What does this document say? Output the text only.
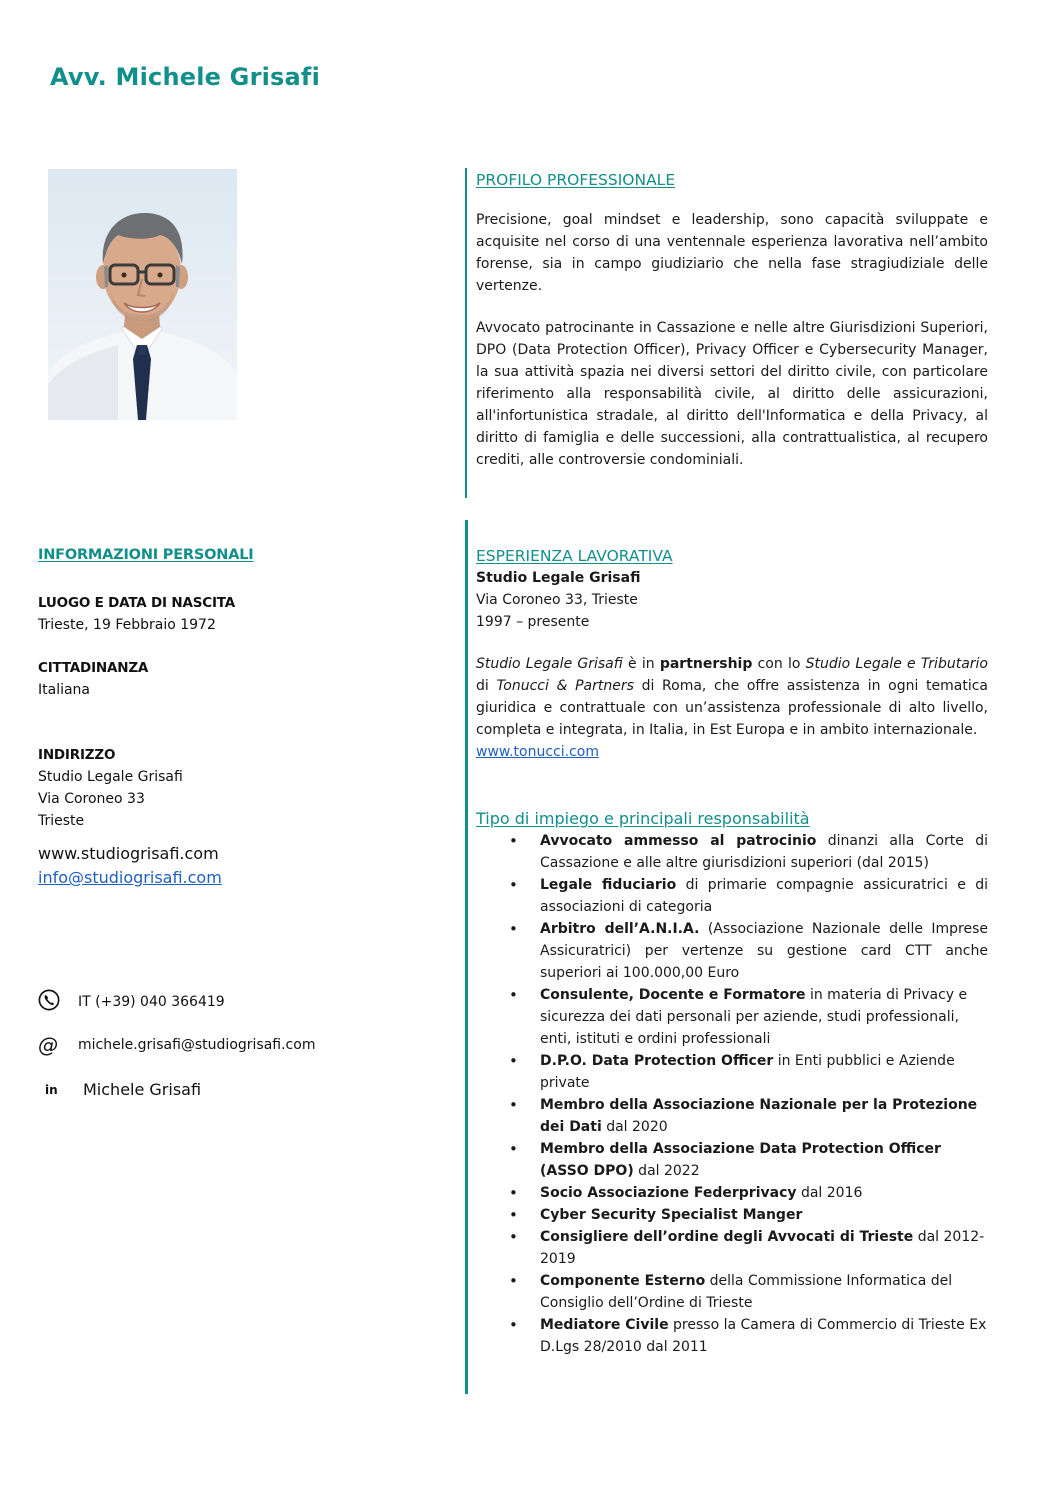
Avv. Michele Grisafi
PROFILO PROFESSIONALE
Precisione, goal mindset e leadership, sono capacità sviluppate e acquisite nel corso di una ventennale esperienza lavorativa nell’ambito forense, sia in campo giudiziario che nella fase stragiudiziale delle vertenze.
Avvocato patrocinante in Cassazione e nelle altre Giurisdizioni Superiori, DPO (Data Protection Officer), Privacy Officer e Cybersecurity Manager, la sua attività spazia nei diversi settori del diritto civile, con particolare riferimento alla responsabilità civile, al diritto delle assicurazioni, all'infortunistica stradale, al diritto dell'Informatica e della Privacy, al diritto di famiglia e delle successioni, alla contrattualistica, al recupero crediti, alle controversie condominiali.
INFORMAZIONI PERSONALI
LUOGO E DATA DI NASCITA
Trieste, 19 Febbraio 1972
CITTADINANZA
Italiana
INDIRIZZO
Studio Legale Grisafi
Via Coroneo 33
Trieste
www.studiogrisafi.com
info@studiogrisafi.com
IT (+39) 040 366419
@	michele.grisafi@studiogrisafi.com
in	Michele Grisafi
ESPERIENZA LAVORATIVA
Studio Legale Grisafi
Via Coroneo 33, Trieste
1997 – presente
Studio Legale Grisafi è in partnership con lo Studio Legale e Tributario di Tonucci & Partners di Roma, che offre assistenza in ogni tematica giuridica e contrattuale con un’assistenza professionale di alto livello, completa e integrata, in Italia, in Est Europa e in ambito internazionale.
www.tonucci.com
Tipo di impiego e principali responsabilità
• Avvocato ammesso al patrocinio dinanzi alla Corte di Cassazione e alle altre giurisdizioni superiori (dal 2015)
• Legale fiduciario di primarie compagnie assicuratrici e di associazioni di categoria
• Arbitro dell’A.N.I.A. (Associazione Nazionale delle Imprese Assicuratrici) per vertenze su gestione card CTT anche superiori ai 100.000,00 Euro
• Consulente, Docente e Formatore in materia di Privacy e sicurezza dei dati personali per aziende, studi professionali, enti, istituti e ordini professionali
• D.P.O. Data Protection Officer in Enti pubblici e Aziende private
• Membro della Associazione Nazionale per la Protezione dei Dati dal 2020
• Membro della Associazione Data Protection Officer (ASSO DPO) dal 2022
• Socio Associazione Federprivacy dal 2016
• Cyber Security Specialist Manger
• Consigliere dell’ordine degli Avvocati di Trieste dal 2012-2019
• Componente Esterno della Commissione Informatica del Consiglio dell’Ordine di Trieste
• Mediatore Civile presso la Camera di Commercio di Trieste Ex D.Lgs 28/2010 dal 2011
